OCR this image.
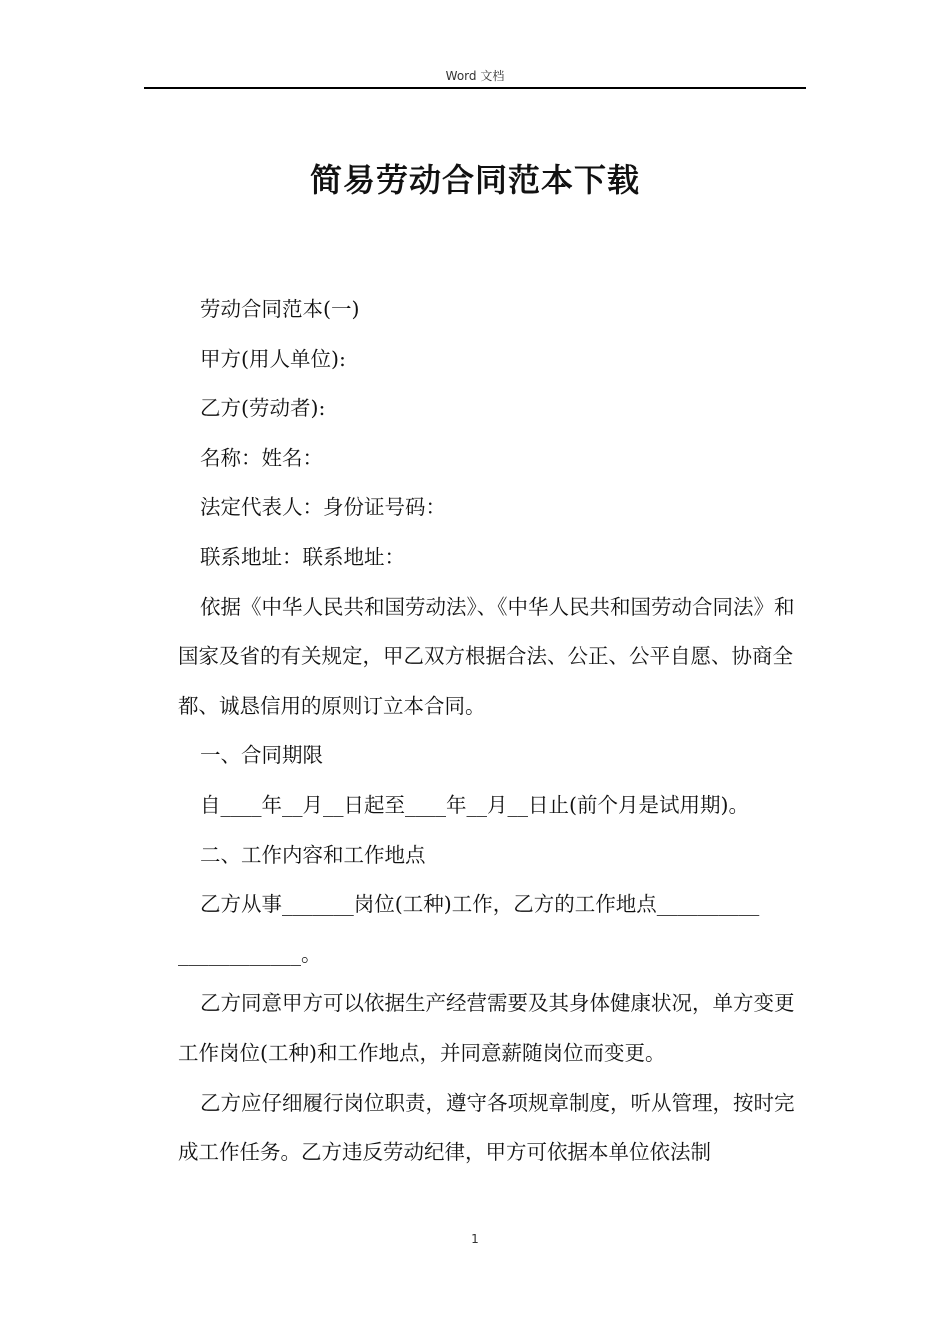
Word 文档
简易劳动合同范本下载

劳动合同范本(一)

甲方(用人单位):

乙方(劳动者):

名称：姓名：

法定代表人：身份证号码：

联系地址：联系地址：

依据《中华人民共和国劳动法》、《中华人民共和国劳动合同法》和国家及省的有关规定，甲乙双方根据合法、公正、公平自愿、协商全都、诚恳信用的原则订立本合同。

一、合同期限

自____年__月__日起至____年__月__日止(前个月是试用期)。

二、工作内容和工作地点

乙方从事_______岗位(工种)工作，乙方的工作地点__________ ____________。

乙方同意甲方可以依据生产经营需要及其身体健康状况，单方变更工作岗位(工种)和工作地点，并同意薪随岗位而变更。

乙方应仔细履行岗位职责，遵守各项规章制度，听从管理，按时完成工作任务。乙方违反劳动纪律，甲方可依据本单位依法制

1
